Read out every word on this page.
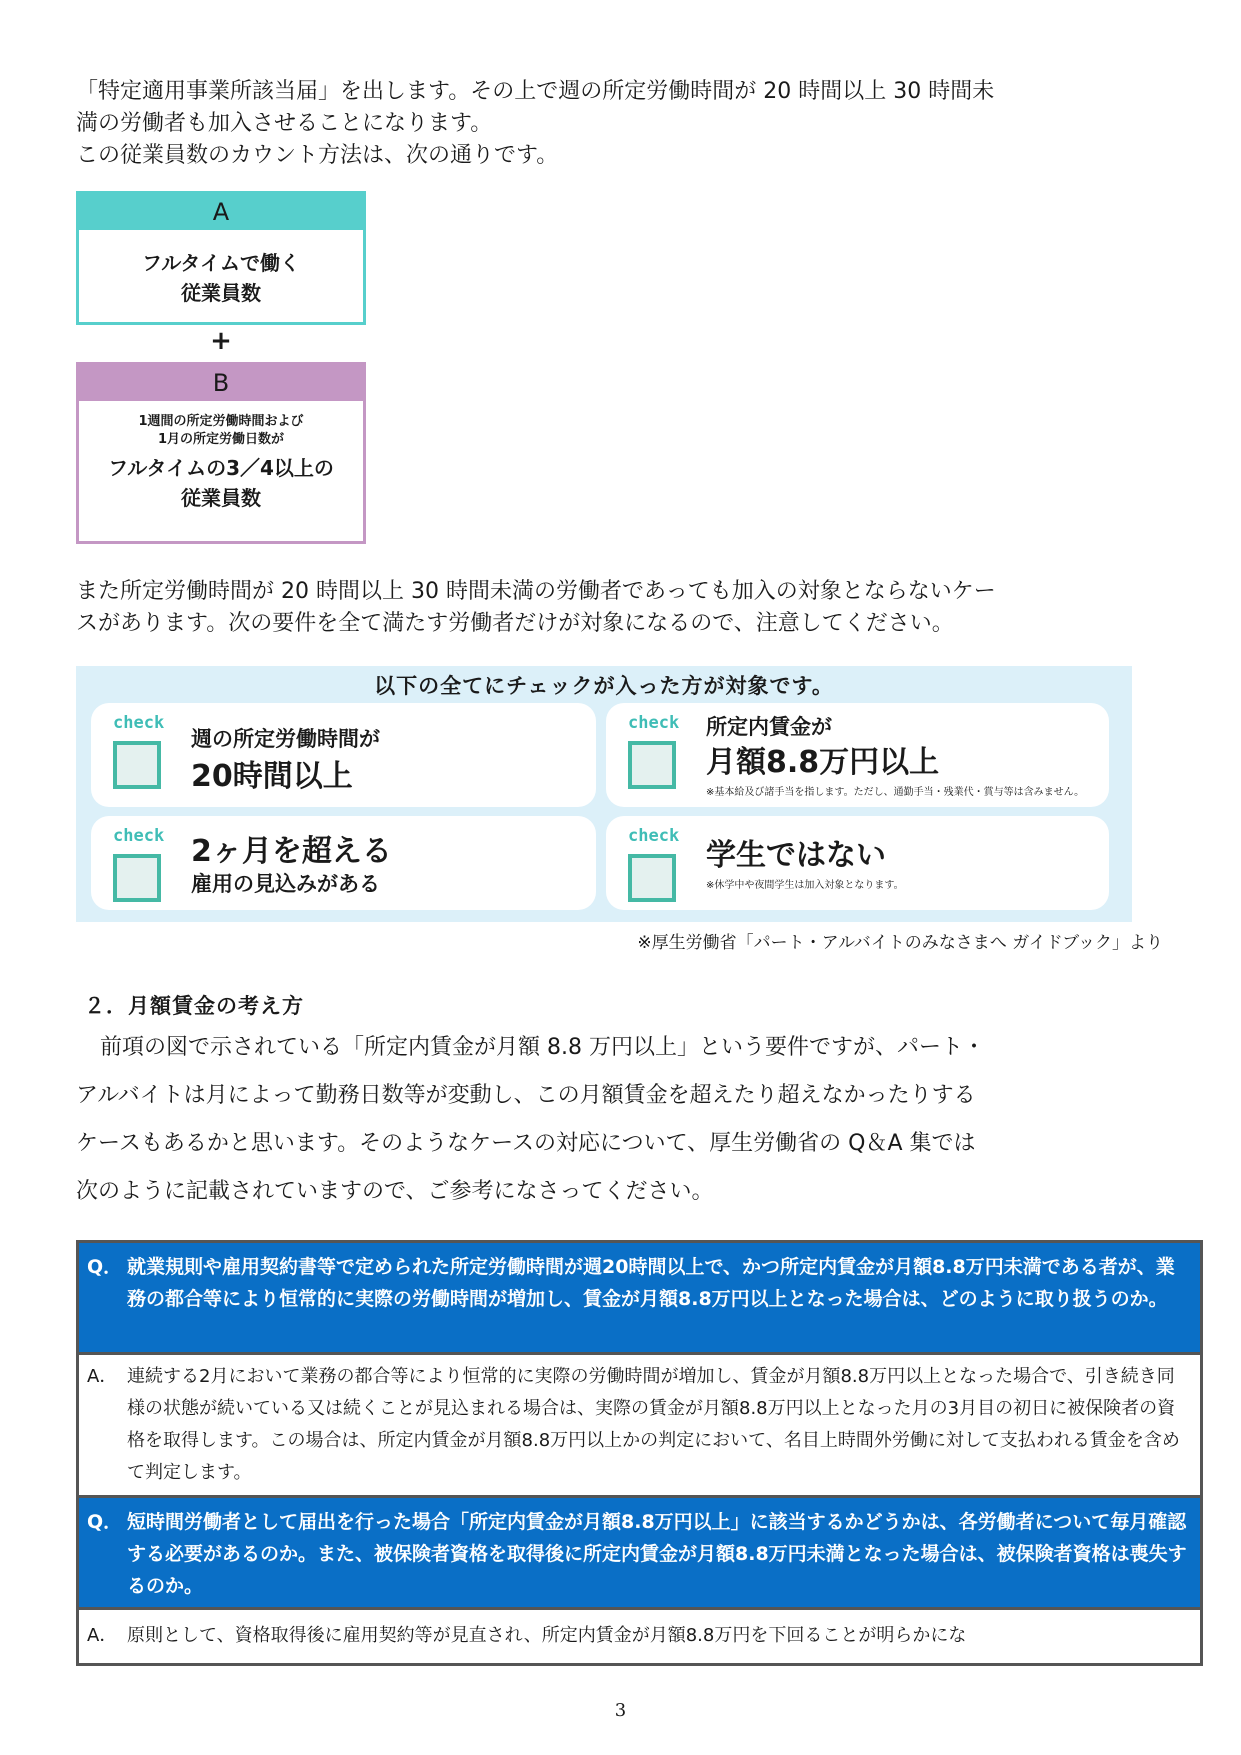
「特定適用事業所該当届」を出します。その上で週の所定労働時間が 20 時間以上 30 時間未
満の労働者も加入させることになります。
この従業員数のカウント方法は、次の通りです。
A
フルタイムで働く
従業員数
+
B
1週間の所定労働時間および
1月の所定労働日数が
フルタイムの3／4以上の
従業員数
また所定労働時間が 20 時間以上 30 時間未満の労働者であっても加入の対象とならないケー
スがあります。次の要件を全て満たす労働者だけが対象になるので、注意してください。
以下の全てにチェックが入った方が対象です。
check
週の所定労働時間が
20時間以上
check 所定内賃金が
月額8.8万円以上
※基本給及び諸手当を指します。ただし、通勤手当・残業代・賞与等は含みません。
check 2ヶ月を超える
雇用の見込みがある
check
学生ではない
※休学中や夜間学生は加入対象となります。
※厚生労働省「パート・アルバイトのみなさまへ ガイドブック」より
２．月額賃金の考え方
前項の図で示されている「所定内賃金が月額 8.8 万円以上」という要件ですが、パート・
アルバイトは月によって勤務日数等が変動し、この月額賃金を超えたり超えなかったりする
ケースもあるかと思います。そのようなケースの対応について、厚生労働省の Q＆A 集では
次のように記載されていますので、ご参考になさってください。
Q． 就業規則や雇用契約書等で定められた所定労働時間が週20時間以上で、かつ所定内賃金が月額8.8万円未満である者が、業務の都合等により恒常的に実際の労働時間が増加し、賃金が月額8.8万円以上となった場合は、どのように取り扱うのか。
A． 連続する2月において業務の都合等により恒常的に実際の労働時間が増加し、賃金が月額8.8万円以上となった場合で、引き続き同様の状態が続いている又は続くことが見込まれる場合は、実際の賃金が月額8.8万円以上となった月の3月目の初日に被保険者の資格を取得します。この場合は、所定内賃金が月額8.8万円以上かの判定において、名目上時間外労働に対して支払われる賃金を含めて判定します。
Q． 短時間労働者として届出を行った場合「所定内賃金が月額8.8万円以上」に該当するかどうかは、各労働者について毎月確認する必要があるのか。また、被保険者資格を取得後に所定内賃金が月額8.8万円未満となった場合は、被保険者資格は喪失するのか。
A． 原則として、資格取得後に雇用契約等が見直され、所定内賃金が月額8.8万円を下回ることが明らかにな
3
